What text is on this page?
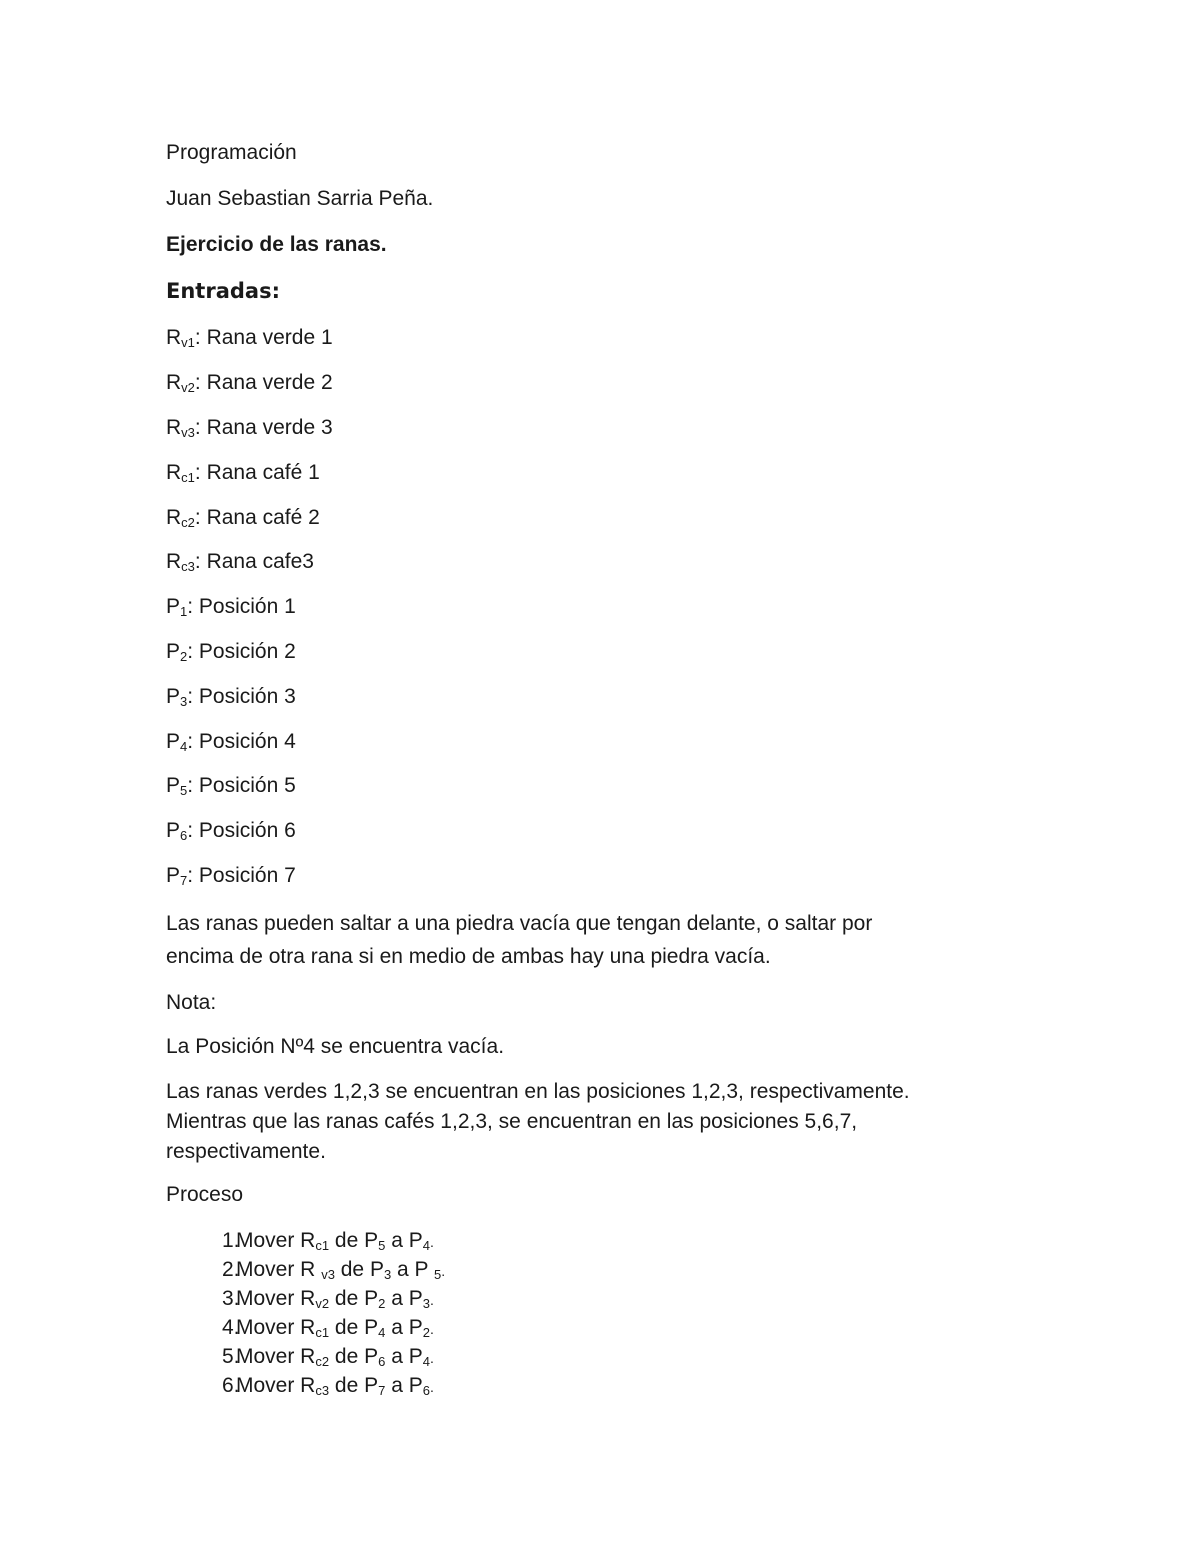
Programación

Juan Sebastian Sarria Peña.

Ejercicio de las ranas.

Entradas:

$R_{v1}$: Rana verde 1

$R_{v2}$: Rana verde 2

$R_{v3}$: Rana verde 3

$R_{c1}$: Rana café 1

$R_{c2}$: Rana café 2

$R_{c3}$: Rana cafe3

$P_1$: Posición 1

$P_2$: Posición 2

$P_3$: Posición 3

$P_4$: Posición 4

$P_5$: Posición 5

$P_6$: Posición 6

$P_7$: Posición 7

Las ranas pueden saltar a una piedra vacía que tengan delante, o saltar por
encima de otra rana si en medio de ambas hay una piedra vacía.

Nota:

La Posición Nº4 se encuentra vacía.

Las ranas verdes 1,2,3 se encuentran en las posiciones 1,2,3, respectivamente.
Mientras que las ranas cafés 1,2,3, se encuentran en las posiciones 5,6,7,
respectivamente.

Proceso

1.Mover $R_{c1}$ de $P_5$ a $P_4$.
2.Mover R $_{v3}$ de $P_3$ a P $_5$.
3.Mover $R_{v2}$ de $P_2$ a $P_3$.
4.Mover $R_{c1}$ de $P_4$ a $P_2$.
5.Mover $R_{c2}$ de $P_6$ a $P_4$.
6.Mover $R_{c3}$ de $P_7$ a $P_6$.
